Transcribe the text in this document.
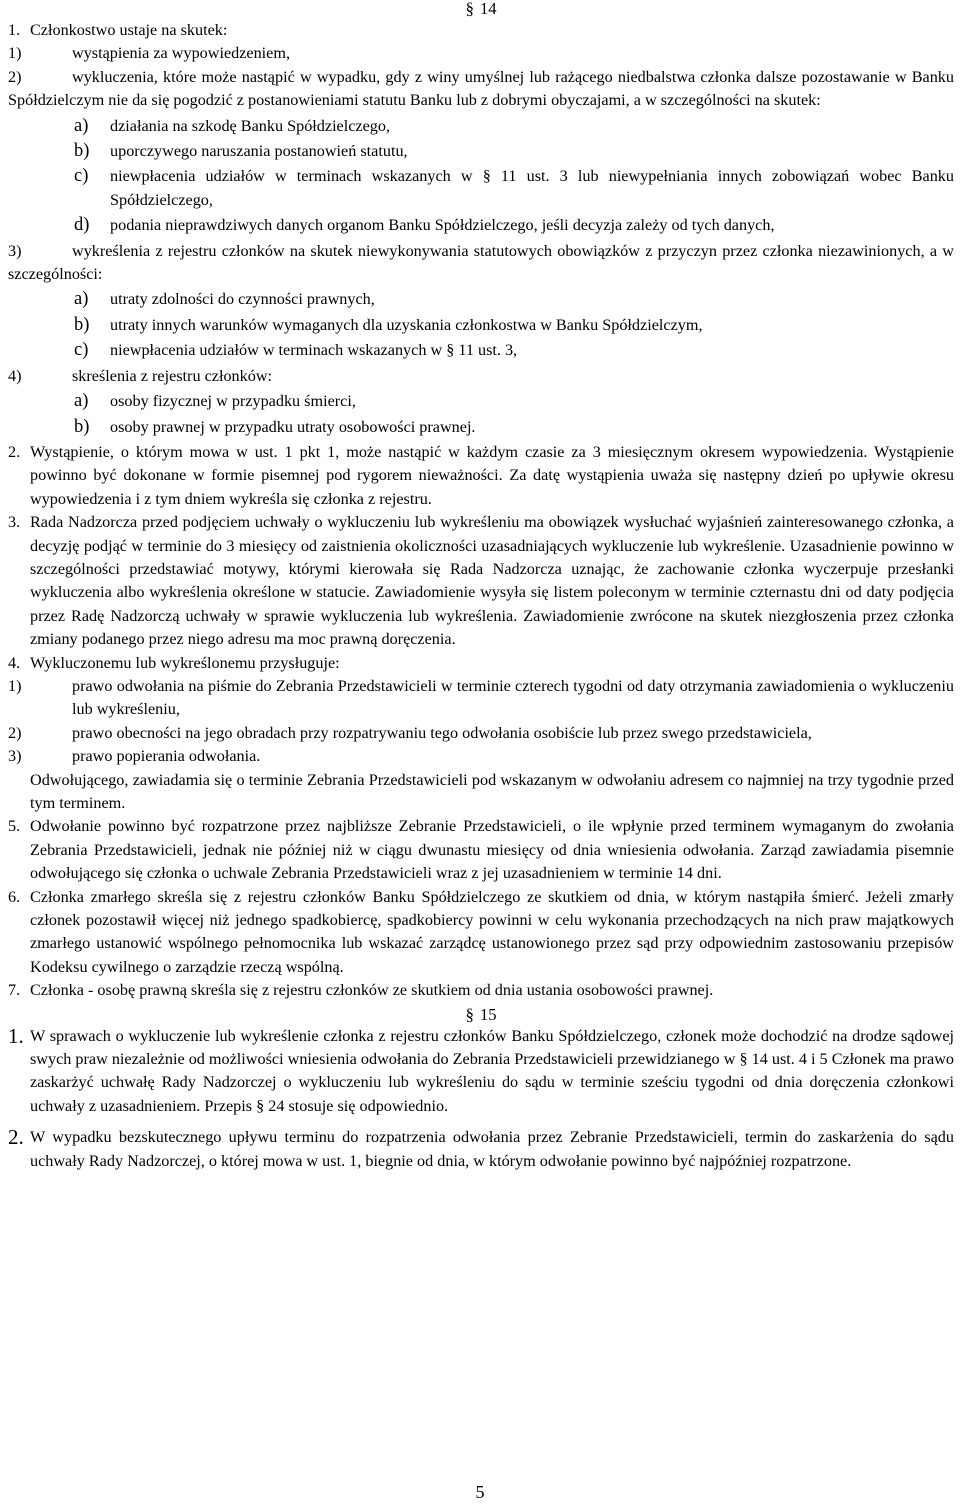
§ 14

1. Członkostwo ustaje na skutek:
1)	wystąpienia za wypowiedzeniem,
2)	wykluczenia, które może nastąpić w wypadku, gdy z winy umyślnej lub rażącego niedbalstwa członka dalsze pozostawanie w Banku Spółdzielczym nie da się pogodzić z postanowieniami statutu Banku lub z dobrymi obyczajami, a w szczególności na skutek:
a) działania na szkodę Banku Spółdzielczego,
b) uporczywego naruszania postanowień statutu,
c) niewpłacenia udziałów w terminach wskazanych w § 11 ust. 3 lub niewypełniania innych zobowiązań wobec Banku Spółdzielczego,
d) podania nieprawdziwych danych organom Banku Spółdzielczego, jeśli decyzja zależy od tych danych,
3)	wykreślenia z rejestru członków na skutek niewykonywania statutowych obowiązków z przyczyn przez członka niezawinionych, a w szczególności:
a) utraty zdolności do czynności prawnych,
b) utraty innych warunków wymaganych dla uzyskania członkostwa w Banku Spółdzielczym,
c) niewpłacenia udziałów w terminach wskazanych w § 11 ust. 3,
4)	skreślenia z rejestru członków:
a) osoby fizycznej w przypadku śmierci,
b) osoby prawnej w przypadku utraty osobowości prawnej.
2. Wystąpienie, o którym mowa w ust. 1 pkt 1, może nastąpić w każdym czasie za 3 miesięcznym okresem wypowiedzenia. Wystąpienie powinno być dokonane w formie pisemnej pod rygorem nieważności. Za datę wystąpienia uważa się następny dzień po upływie okresu wypowiedzenia i z tym dniem wykreśla się członka z rejestru.
3. Rada Nadzorcza przed podjęciem uchwały o wykluczeniu lub wykreśleniu ma obowiązek wysłuchać wyjaśnień zainteresowanego członka, a decyzję podjąć w terminie do 3 miesięcy od zaistnienia okoliczności uzasadniających wykluczenie lub wykreślenie. Uzasadnienie powinno w szczególności przedstawiać motywy, którymi kierowała się Rada Nadzorcza uznając, że zachowanie członka wyczerpuje przesłanki wykluczenia albo wykreślenia określone w statucie. Zawiadomienie wysyła się listem poleconym w terminie czternastu dni od daty podjęcia przez Radę Nadzorczą uchwały w sprawie wykluczenia lub wykreślenia. Zawiadomienie zwrócone na skutek niezgłoszenia przez członka zmiany podanego przez niego adresu ma moc prawną doręczenia.
4. Wykluczonemu lub wykreślonemu przysługuje:
1)	prawo odwołania na piśmie do Zebrania Przedstawicieli w terminie czterech tygodni od daty otrzymania zawiadomienia o wykluczeniu lub wykreśleniu,
2)	prawo obecności na jego obradach przy rozpatrywaniu tego odwołania osobiście lub przez swego przedstawiciela,
3)	prawo popierania odwołania.
Odwołującego, zawiadamia się o terminie Zebrania Przedstawicieli pod wskazanym w odwołaniu adresem co najmniej na trzy tygodnie przed tym terminem.
5. Odwołanie powinno być rozpatrzone przez najbliższe Zebranie Przedstawicieli, o ile wpłynie przed terminem wymaganym do zwołania Zebrania Przedstawicieli, jednak nie później niż w ciągu dwunastu miesięcy od dnia wniesienia odwołania. Zarząd zawiadamia pisemnie odwołującego się członka o uchwale Zebrania Przedstawicieli wraz z jej uzasadnieniem w terminie 14 dni.
6. Członka zmarłego skreśla się z rejestru członków Banku Spółdzielczego ze skutkiem od dnia, w którym nastąpiła śmierć. Jeżeli zmarły członek pozostawił więcej niż jednego spadkobiercę, spadkobiercy powinni w celu wykonania przechodzących na nich praw majątkowych zmarłego ustanowić wspólnego pełnomocnika lub wskazać zarządcę ustanowionego przez sąd przy odpowiednim zastosowaniu przepisów Kodeksu cywilnego o zarządzie rzeczą wspólną.
7. Członka - osobę prawną skreśla się z rejestru członków ze skutkiem od dnia ustania osobowości prawnej.

§ 15

1. W sprawach o wykluczenie lub wykreślenie członka z rejestru członków Banku Spółdzielczego, członek może dochodzić na drodze sądowej swych praw niezależnie od możliwości wniesienia odwołania do Zebrania Przedstawicieli przewidzianego w § 14 ust. 4 i 5 Członek ma prawo zaskarżyć uchwałę Rady Nadzorczej o wykluczeniu lub wykreśleniu do sądu w terminie sześciu tygodni od dnia doręczenia członkowi uchwały z uzasadnieniem. Przepis § 24 stosuje się odpowiednio.
2. W wypadku bezskutecznego upływu terminu do rozpatrzenia odwołania przez Zebranie Przedstawicieli, termin do zaskarżenia do sądu uchwały Rady Nadzorczej, o której mowa w ust. 1, biegnie od dnia, w którym odwołanie powinno być najpóźniej rozpatrzone.
5
